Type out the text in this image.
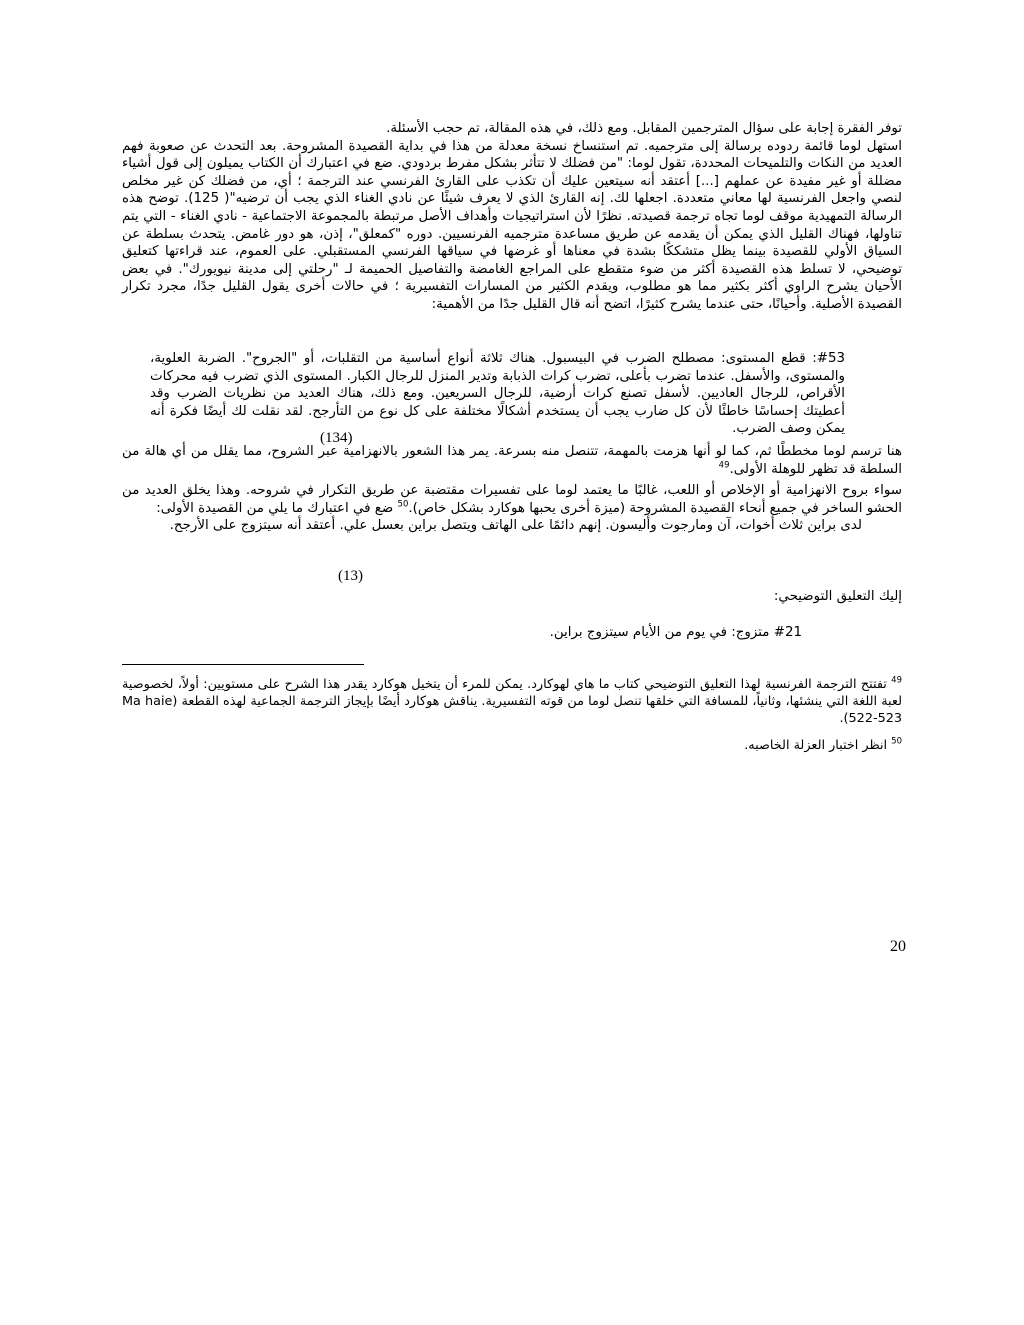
توفر الفقرة إجابة على سؤال المترجمين المقابل. ومع ذلك، في هذه المقالة، تم حجب الأسئلة.
استهل لوما قائمة ردوده برسالة إلى مترجميه. تم استنساخ نسخة معدلة من هذا في بداية القصيدة المشروحة. بعد التحدث عن صعوبة فهم العديد من النكات والتلميحات المحددة، تقول لوما: "من فضلك لا تتأثر بشكل مفرط بردودي. ضع في اعتبارك أن الكتاب يميلون إلى قول أشياء مضللة أو غير مفيدة عن عملهم [...] أعتقد أنه سيتعين عليك أن تكذب على القارئ الفرنسي عند الترجمة ؛ أي، من فضلك كن غير مخلص لنصي واجعل الفرنسية لها معاني متعددة. اجعلها لك. إنه القارئ الذي لا يعرف شيئًا عن نادي الغناء الذي يجب أن ترضيه"( 125). توضح هذه الرسالة التمهيدية موقف لوما تجاه ترجمة قصيدته. نظرًا لأن استراتيجيات وأهداف الأصل مرتبطة بالمجموعة الاجتماعية - نادي الغناء - التي يتم تناولها، فهناك القليل الذي يمكن أن يقدمه عن طريق مساعدة مترجميه الفرنسيين. دوره "كمعلق"، إذن، هو دور غامض. يتحدث بسلطة عن السياق الأولي للقصيدة بينما يظل متشككًا بشدة في معناها أو غرضها في سياقها الفرنسي المستقبلي. على العموم، عند قراءتها كتعليق توضيحي، لا تسلط هذه القصيدة أكثر من ضوء متقطع على المراجع الغامضة والتفاصيل الحميمة لـ "رحلتي إلى مدينة نيويورك". في بعض الأحيان يشرح الراوي أكثر بكثير مما هو مطلوب، ويقدم الكثير من المسارات التفسيرية ؛ في حالات أخرى يقول القليل جدًا، مجرد تكرار القصيدة الأصلية. وأحيانًا، حتى عندما يشرح كثيرًا، اتضح أنه قال القليل جدًا من الأهمية:
#53: قطع المستوى: مصطلح الضرب في البيسبول. هناك ثلاثة أنواع أساسية من التقلبات، أو "الجروح". الضربة العلوية، والمستوى، والأسفل. عندما تضرب بأعلى، تضرب كرات الذبابة وتدير المنزل للرجال الكبار. المستوى الذي تضرب فيه محركات الأقراص، للرجال العاديين. لأسفل تصنع كرات أرضية، للرجال السريعين. ومع ذلك، هناك العديد من نظريات الضرب وقد أعطيتك إحساسًا خاطئًا لأن كل ضارب يجب أن يستخدم أشكالًا مختلفة على كل نوع من التأرجح. لقد نقلت لك أيضًا فكرة أنه يمكن وصف الضرب.
(134)
هنا ترسم لوما مخططًا ثم، كما لو أنها هزمت بالمهمة، تتنصل منه بسرعة. يمر هذا الشعور بالانهزامية عبر الشروح، مما يقلل من أي هالة من السلطة قد تظهر للوهلة الأولى.$^{49}$
سواء بروح الانهزامية أو الإخلاص أو اللعب، غالبًا ما يعتمد لوما على تفسيرات مقتضبة عن طريق التكرار في شروحه. وهذا يخلق العديد من الحشو الساخر في جميع أنحاء القصيدة المشروحة (ميزة أخرى يحبها هوكارد بشكل خاص).$^{50}$ ضع في اعتبارك ما يلي من القصيدة الأولى:
لدى براين ثلاث أخوات، آن ومارجوت وأليسون. إنهم دائمًا على الهاتف ويتصل براين بعسل علي. أعتقد أنه سيتزوج على الأرجح.
(13)
إليك التعليق التوضيحي:
#21 متزوج: في يوم من الأيام سيتزوج براين.
$^{49}$ تفتتح الترجمة الفرنسية لهذا التعليق التوضيحي كتاب ما هاي لهوكارد. يمكن للمرء أن يتخيل هوكارد يقدر هذا الشرح على مستويين: أولاً، لخصوصية لعبة اللغة التي ينشئها، وثانياً، للمسافة التي خلقها تنصل لوما من قوته التفسيرية. يناقش هوكارد أيضًا بإيجاز الترجمة الجماعية لهذه القطعة (Ma haie 522-523).
$^{50}$ انظر اختبار العزلة الخاصبه.
20
